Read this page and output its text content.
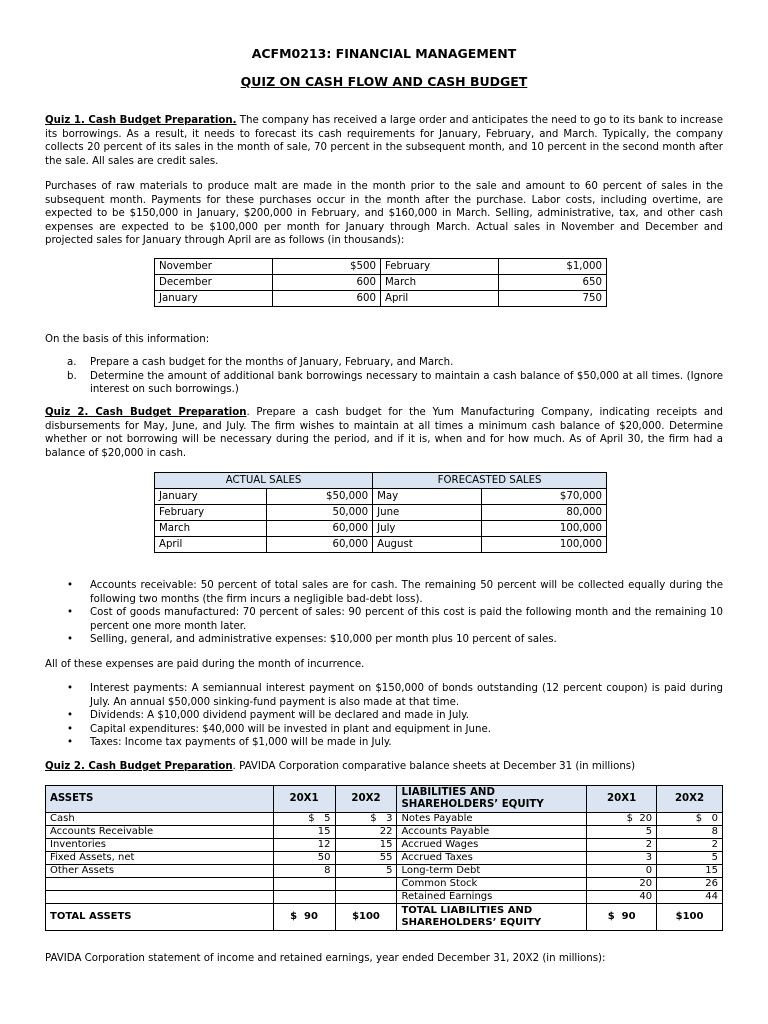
ACFM0213: FINANCIAL MANAGEMENT
QUIZ ON CASH FLOW AND CASH BUDGET

Quiz 1. Cash Budget Preparation. The company has received a large order and anticipates the need to go to its bank to increase its borrowings. As a result, it needs to forecast its cash requirements for January, February, and March. Typically, the company collects 20 percent of its sales in the month of sale, 70 percent in the subsequent month, and 10 percent in the second month after the sale. All sales are credit sales.

Purchases of raw materials to produce malt are made in the month prior to the sale and amount to 60 percent of sales in the subsequent month. Payments for these purchases occur in the month after the purchase. Labor costs, including overtime, are expected to be $150,000 in January, $200,000 in February, and $160,000 in March. Selling, administrative, tax, and other cash expenses are expected to be $100,000 per month for January through March. Actual sales in November and December and projected sales for January through April are as follows (in thousands):

November	$500	February	$1,000
December	600	March	650
January	600	April	750

On the basis of this information:

a. Prepare a cash budget for the months of January, February, and March.
b. Determine the amount of additional bank borrowings necessary to maintain a cash balance of $50,000 at all times. (Ignore interest on such borrowings.)

Quiz 2. Cash Budget Preparation. Prepare a cash budget for the Yum Manufacturing Company, indicating receipts and disbursements for May, June, and July. The firm wishes to maintain at all times a minimum cash balance of $20,000. Determine whether or not borrowing will be necessary during the period, and if it is, when and for how much. As of April 30, the firm had a balance of $20,000 in cash.

ACTUAL SALES		FORECASTED SALES	
January	$50,000	May	$70,000
February	50,000	June	80,000
March	60,000	July	100,000
April	60,000	August	100,000
• Accounts receivable: 50 percent of total sales are for cash. The remaining 50 percent will be collected equally during the following two months (the firm incurs a negligible bad-debt loss).
• Cost of goods manufactured: 70 percent of sales: 90 percent of this cost is paid the following month and the remaining 10 percent one more month later.
• Selling, general, and administrative expenses: $10,000 per month plus 10 percent of sales.

All of these expenses are paid during the month of incurrence.

• Interest payments: A semiannual interest payment on $150,000 of bonds outstanding (12 percent coupon) is paid during July. An annual $50,000 sinking-fund payment is also made at that time.
• Dividends: A $10,000 dividend payment will be declared and made in July.
• Capital expenditures: $40,000 will be invested in plant and equipment in June.
• Taxes: Income tax payments of $1,000 will be made in July.

Quiz 2. Cash Budget Preparation. PAVIDA Corporation comparative balance sheets at December 31 (in millions)

ASSETS	20X1	20X2	LIABILITIES AND SHAREHOLDERS’ EQUITY	20X1	20X2
Cash	$   5	$   3	Notes Payable	$  20	$   0
Accounts Receivable	15	22	Accounts Payable	5	8
Inventories	12	15	Accrued Wages	2	2
Fixed Assets, net	50	55	Accrued Taxes	3	5
Other Assets	8	5	Long-term Debt	0	15
			Common Stock	20	26
			Retained Earnings	40	44
TOTAL ASSETS	$  90	$100	TOTAL LIABILITIES AND SHAREHOLDERS’ EQUITY	$  90	$100

PAVIDA Corporation statement of income and retained earnings, year ended December 31, 20X2 (in millions):
